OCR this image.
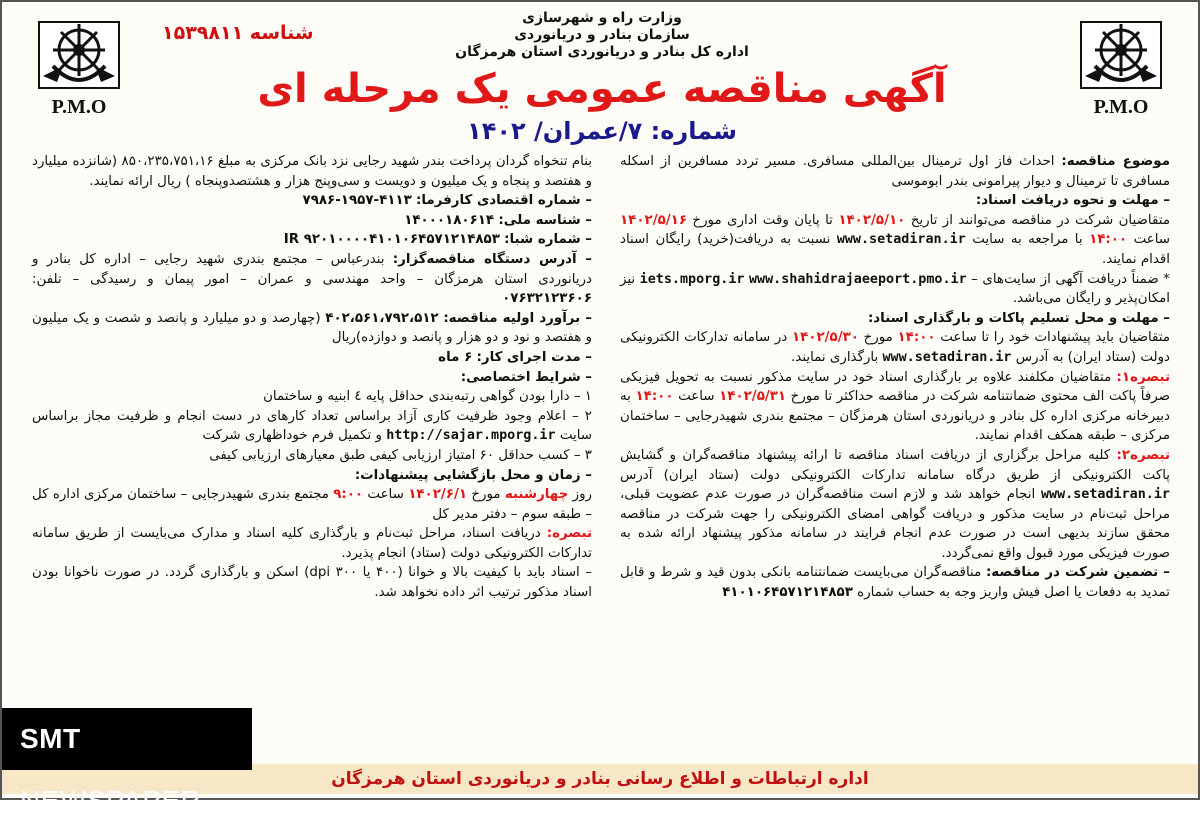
P.M.O
P.M.O
شناسه ۱۵۳۹۸۱۱
وزارت راه و شهرسازی
سازمان بنادر و دریانوردی
اداره کل بنادر و دریانوردی استان هرمزگان
آگهی مناقصه عمومی یک مرحله ای
شماره: ۷/عمران/ ۱۴۰۲

موضوع مناقصه: احداث فاز اول ترمینال بین‌المللی مسافری. مسیر تردد مسافرین از اسکله مسافری تا ترمینال و دیوار پیرامونی بندر ابوموسی

– مهلت و نحوه دریافت اسناد:

متقاضیان شرکت در مناقصه می‌توانند از تاریخ ۱۴۰۲/۵/۱۰ تا پایان وقت اداری مورخ ۱۴۰۲/۵/۱۶ ساعت ۱۴:۰۰ با مراجعه به سایت www.setadiran.ir نسبت به دریافت(خرید) رایگان اسناد اقدام نمایند.

* ضمناً دریافت آگهی از سایت‌های – iets.mporg.ir www.shahidrajaeeport.pmo.ir نیز امکان‌پذیر و رایگان می‌باشد.

– مهلت و محل تسلیم پاکات و بارگذاری اسناد:

متقاضیان باید پیشنهادات خود را تا ساعت ۱۴:۰۰ مورخ ۱۴۰۲/۵/۳۰ در سامانه تدارکات الکترونیکی دولت (ستاد ایران) به آدرس www.setadiran.ir بارگذاری نمایند.

تبصره۱: متقاضیان مکلفند علاوه بر بارگذاری اسناد خود در سایت مذکور نسبت به تحویل فیزیکی صرفاً پاکت الف محتوی ضمانتنامه شرکت در مناقصه حداکثر تا مورخ ۱۴۰۲/۵/۳۱ ساعت ۱۴:۰۰ به دبیرخانه مرکزی اداره کل بنادر و دریانوردی استان هرمزگان – مجتمع بندری شهیدرجایی – ساختمان مرکزی – طبقه همکف اقدام نمایند.

تبصره۲: کلیه مراحل برگزاری از دریافت اسناد مناقصه تا ارائه پیشنهاد مناقصه‌گران و گشایش پاکت الکترونیکی از طریق درگاه سامانه تدارکات الکترونیکی دولت (ستاد ایران) آدرس www.setadiran.ir انجام خواهد شد و لازم است مناقصه‌گران در صورت عدم عضویت قبلی، مراحل ثبت‌نام در سایت مذکور و دریافت گواهی امضای الکترونیکی را جهت شرکت در مناقصه محقق سازند بدیهی است در صورت عدم انجام فرایند در سامانه مذکور پیشنهاد ارائه شده به صورت فیزیکی مورد قبول واقع نمی‌گردد.

– تضمین شرکت در مناقصه: مناقصه‌گران می‌بایست ضمانتنامه بانکی بدون قید و شرط و قابل تمدید به دفعات یا اصل فیش واریز وجه به حساب شماره ۴۱۰۱۰۶۴۵۷۱۲۱۴۸۵۳

بنام تنخواه گردان پرداخت بندر شهید رجایی نزد بانک مرکزی به مبلغ ۸۵۰،۲۳۵،۷۵۱،۱۶ (شانزده میلیارد و هفتصد و پنجاه و یک میلیون و دویست و سی‌وپنج هزار و هشتصدوپنجاه ) ریال ارائه نمایند.

– شماره اقتصادی کارفرما: ۴۱۱۳-۱۹۵۷-۷۹۸۶

– شناسه ملی: ۱۴۰۰۰۱۸۰۶۱۴

– شماره شبا: IR ۹۲۰۱۰۰۰۰۴۱۰۱۰۶۴۵۷۱۲۱۴۸۵۳

– آدرس دستگاه مناقصه‌گزار: بندرعباس – مجتمع بندری شهید رجایی – اداره کل بنادر و دریانوردی استان هرمزگان – واحد مهندسی و عمران – امور پیمان و رسیدگی – تلفن: ۰۷۶۳۲۱۲۳۶۰۶

– برآورد اولیه مناقصه: ۴۰۲،۵۶۱،۷۹۲،۵۱۲ (چهارصد و دو میلیارد و پانصد و شصت و یک میلیون و هفتصد و نود و دو هزار و پانصد و دوازده)ریال

– مدت اجرای کار: ۶ ماه

– شرایط اختصاصی:

۱ – دارا بودن گواهی رتبه‌بندی حداقل پایه ٤ ابنیه و ساختمان

۲ – اعلام وجود ظرفیت کاری آزاد براساس تعداد کارهای در دست انجام و ظرفیت مجاز براساس سایت http://sajar.mporg.ir و تکمیل فرم خوداظهاری شرکت

۳ – کسب حداقل ۶۰ امتیاز ارزیابی کیفی طبق معیارهای ارزیابی کیفی

– زمان و محل بازگشایی پیشنهادات:

روز چهارشنبه مورخ ۱۴۰۲/۶/۱ ساعت ۹:۰۰ مجتمع بندری شهیدرجایی – ساختمان مرکزی اداره کل – طبقه سوم – دفتر مدیر کل

تبصره: دریافت اسناد، مراحل ثبت‌نام و بارگذاری کلیه اسناد و مدارک می‌بایست از طریق سامانه تدارکات الکترونیکی دولت (ستاد) انجام پذیرد.

– اسناد باید با کیفیت بالا و خوانا (۴۰۰ یا ۳۰۰ dpi) اسکن و بارگذاری گردد. در صورت ناخوانا بودن اسناد مذکور ترتیب اثر داده نخواهد شد.

اداره ارتباطات و اطلاع رسانی بنادر و دریانوردی استان هرمزگان
SMT NEWSPAPER
